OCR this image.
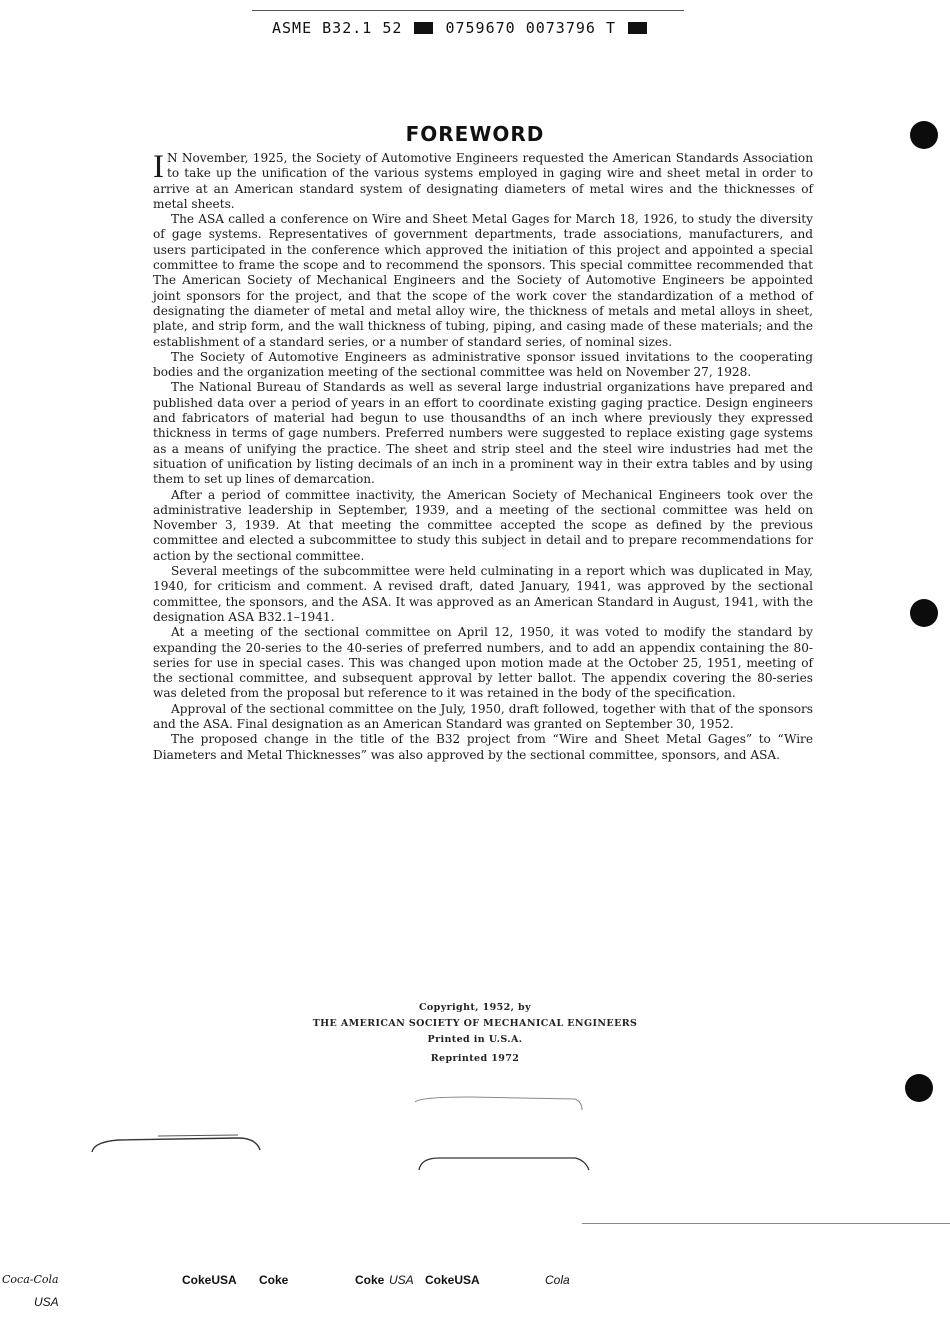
ASME B32.1 52	0759670 0073796 T
FOREWORD

I N November, 1925, the Society of Automotive Engineers requested the American Standards Association to take up the unification of the various systems employed in gaging wire and sheet metal in order to arrive at an American standard system of designating diameters of metal wires and the thicknesses of metal sheets.

The ASA called a conference on Wire and Sheet Metal Gages for March 18, 1926, to study the diversity of gage systems. Representatives of government departments, trade associations, manufacturers, and users participated in the conference which approved the initiation of this project and appointed a special committee to frame the scope and to recommend the sponsors. This special committee recommended that The American Society of Mechanical Engineers and the Society of Automotive Engineers be appointed joint sponsors for the project, and that the scope of the work cover the standardization of a method of designating the diameter of metal and metal alloy wire, the thickness of metals and metal alloys in sheet, plate, and strip form, and the wall thickness of tubing, piping, and casing made of these materials; and the establishment of a standard series, or a number of standard series, of nominal sizes.

The Society of Automotive Engineers as administrative sponsor issued invitations to the cooperating bodies and the organization meeting of the sectional committee was held on November 27, 1928.

The National Bureau of Standards as well as several large industrial organizations have prepared and published data over a period of years in an effort to coordinate existing gaging practice. Design engineers and fabricators of material had begun to use thousandths of an inch where previously they expressed thickness in terms of gage numbers. Preferred numbers were suggested to replace existing gage systems as a means of unifying the practice. The sheet and strip steel and the steel wire industries had met the situation of unification by listing decimals of an inch in a prominent way in their extra tables and by using them to set up lines of demarcation.

After a period of committee inactivity, the American Society of Mechanical Engineers took over the administrative leadership in September, 1939, and a meeting of the sectional committee was held on November 3, 1939. At that meeting the committee accepted the scope as defined by the previous committee and elected a subcommittee to study this subject in detail and to prepare recommendations for action by the sectional committee.

Several meetings of the subcommittee were held culminating in a report which was duplicated in May, 1940, for criticism and comment. A revised draft, dated January, 1941, was approved by the sectional committee, the sponsors, and the ASA. It was approved as an American Standard in August, 1941, with the designation ASA B32.1–1941.

At a meeting of the sectional committee on April 12, 1950, it was voted to modify the standard by expanding the 20-series to the 40-series of preferred numbers, and to add an appendix containing the 80-series for use in special cases. This was changed upon motion made at the October 25, 1951, meeting of the sectional committee, and subsequent approval by letter ballot. The appendix covering the 80-series was deleted from the proposal but reference to it was retained in the body of the specification.

Approval of the sectional committee on the July, 1950, draft followed, together with that of the sponsors and the ASA. Final designation as an American Standard was granted on September 30, 1952.

The proposed change in the title of the B32 project from “Wire and Sheet Metal Gages” to “Wire Diameters and Metal Thicknesses” was also approved by the sectional committee, sponsors, and ASA.

Copyright, 1952, by
THE AMERICAN SOCIETY OF MECHANICAL ENGINEERS
Printed in U.S.A.
Reprinted 1972
Coca-Cola
USA
CokeUSA Coke	Coke USA CokeUSA	Cola
